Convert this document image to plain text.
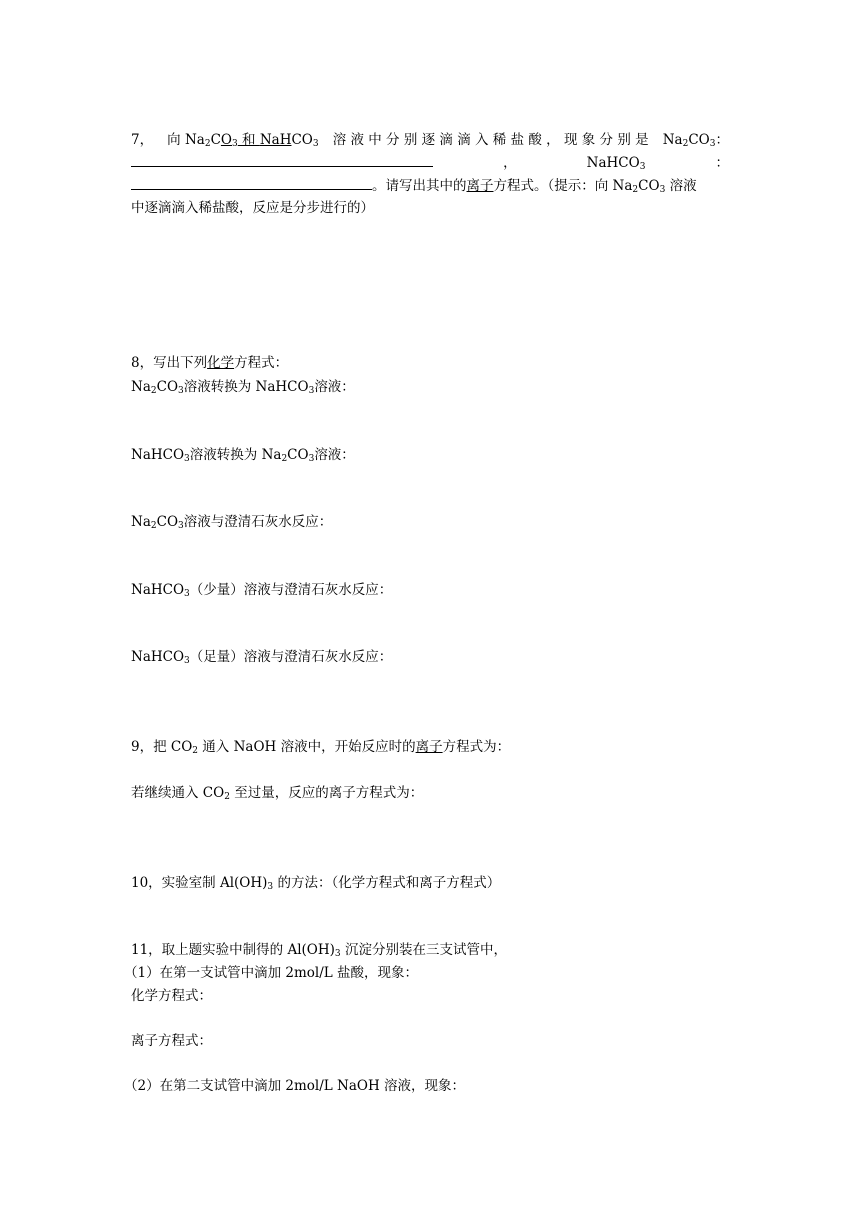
7， 向 $Na_2CO_3$ 和 NaHCO$_3$ 溶 液 中 分 别 逐 滴 滴 入 稀 盐 酸 ， 现 象 分 别 是 $Na_2CO_3$：
，	NaHCO$_3$	：
。请写出其中的离子方程式。（提示：向 $Na_2CO_3$ 溶液
中逐滴滴入稀盐酸，反应是分步进行的）
8，写出下列化学方程式：
$Na_2CO_3$溶液转换为 NaHCO$_3$溶液：
NaHCO$_3$溶液转换为 $Na_2CO_3$溶液：
$Na_2CO_3$溶液与澄清石灰水反应：
NaHCO$_3$（少量）溶液与澄清石灰水反应：
NaHCO$_3$（足量）溶液与澄清石灰水反应：
9，把 $CO_2$ 通入 NaOH 溶液中，开始反应时的离子方程式为：
若继续通入 $CO_2$ 至过量，反应的离子方程式为：
10，实验室制 $Al(OH)_3$ 的方法：（化学方程式和离子方程式）
11，取上题实验中制得的 $Al(OH)_3$ 沉淀分别装在三支试管中，
（1）在第一支试管中滴加 2mol/L 盐酸，现象：
化学方程式：
离子方程式：
（2）在第二支试管中滴加 2mol/L NaOH 溶液，现象：
